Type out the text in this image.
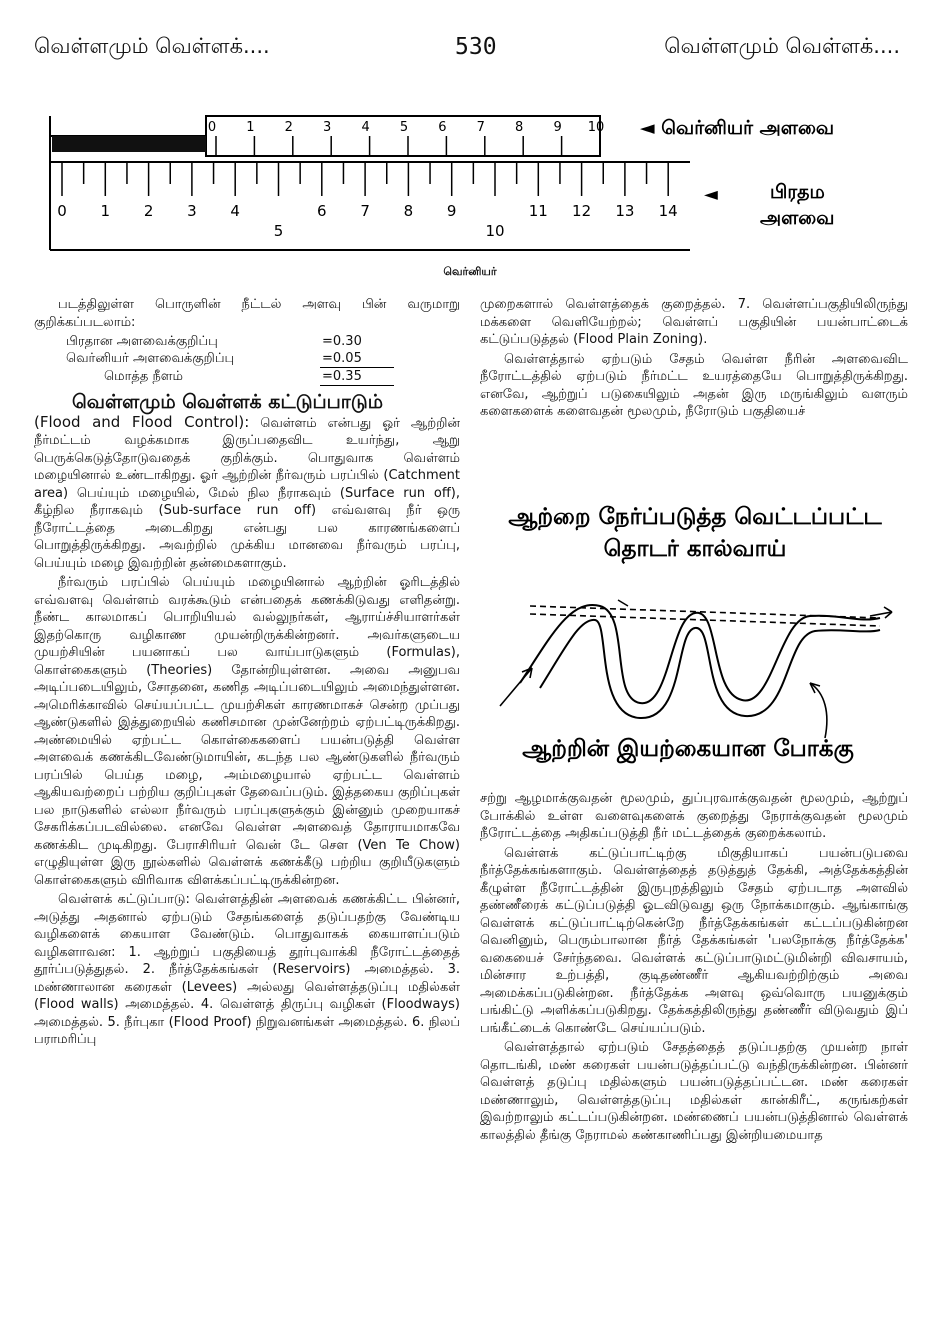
வெள்ளமும் வெள்ளக்....	530	வெள்ளமும் வெள்ளக்....
0 1 2 3 4 5 6 7 8 9 10
0 1 2 3 4
5
6 7 8 9
10
11 12 13 14
◄ வெர்னியர் அளவை
◄	பிரதம
அளவை
வெர்னியர்

படத்திலுள்ள பொருளின் நீட்டல் அளவு பின் வருமாறு குறிக்கப்படலாம்:

பிரதான அளவைக்குறிப்பு	=0.30
வெர்னியர் அளவைக்குறிப்பு	=0.05

மொத்த நீளம்	=0.35

வெள்ளமும் வெள்ளக் கட்டுப்பாடும்

(Flood and Flood Control): வெள்ளம் என்பது ஓர் ஆற்றின் நீர்மட்டம் வழக்கமாக இருப்பதைவிட உயர்ந்து, ஆறு பெருக்கெடுத்தோடுவதைக் குறிக்கும். பொதுவாக வெள்ளம் மழையினால் உண்டாகிறது. ஓர் ஆற்றின் நீர்வரும் பரப்பில் (Catchment area) பெய்யும் மழையில், மேல் நில நீராகவும் (Surface run off), கீழ்நில நீராகவும் (Sub-surface run off) எவ்வளவு நீர் ஒரு நீரோட்டத்தை அடைகிறது என்பது பல காரணங்களைப் பொறுத்திருக்கிறது. அவற்றில் முக்கிய மானவை நீர்வரும் பரப்பு, பெய்யும் மழை இவற்றின் தன்மைகளாகும்.

நீர்வரும் பரப்பில் பெய்யும் மழையினால் ஆற்றின் ஓரிடத்தில் எவ்வளவு வெள்ளம் வரக்கூடும் என்பதைக் கணக்கிடுவது எளிதன்று. நீண்ட காலமாகப் பொறியியல் வல்லுநர்கள், ஆராய்ச்சியாளர்கள் இதற்கொரு வழிகாண முயன்றிருக்கின்றனர். அவர்களுடைய முயற்சியின் பயனாகப் பல வாய்பாடுகளும் (Formulas), கொள்கைகளும் (Theories) தோன்றியுள்ளன. அவை அனுபவ அடிப்படையிலும், சோதனை, கணித அடிப்படையிலும் அமைந்துள்ளன. அமெரிக்காவில் செய்யப்பட்ட முயற்சிகள் காரணமாகச் சென்ற முப்பது ஆண்டுகளில் இத்துறையில் கணிசமான முன்னேற்றம் ஏற்பட்டிருக்கிறது. அண்மையில் ஏற்பட்ட கொள்கைகளைப் பயன்படுத்தி வெள்ள அளவைக் கணக்கிடவேண்டுமாயின், கடந்த பல ஆண்டுகளில் நீர்வரும் பரப்பில் பெய்த மழை, அம்மழையால் ஏற்பட்ட வெள்ளம் ஆகியவற்றைப் பற்றிய குறிப்புகள் தேவைப்படும். இத்தகைய குறிப்புகள் பல நாடுகளில் எல்லா நீர்வரும் பரப்புகளுக்கும் இன்னும் முறையாகச் சேகரிக்கப்படவில்லை. எனவே வெள்ள அளவைத் தோராயமாகவே கணக்கிட முடிகிறது. பேராசிரியர் வென் டே சௌ (Ven Te Chow) எழுதியுள்ள இரு நூல்களில் வெள்ளக் கணக்கீடு பற்றிய குறியீடுகளும் கொள்கைகளும் விரிவாக விளக்கப்பட்டிருக்கின்றன.

வெள்ளக் கட்டுப்பாடு: வெள்ளத்தின் அளவைக் கணக்கிட்ட பின்னர், அடுத்து அதனால் ஏற்படும் சேதங்களைத் தடுப்பதற்கு வேண்டிய வழிகளைக் கையாள வேண்டும். பொதுவாகக் கையாளப்படும் வழிகளாவன: 1. ஆற்றுப் பகுதியைத் தூர்புவாக்கி நீரோட்டத்தைத் தூர்ப்படுத்துதல். 2. நீர்த்தேக்கங்கள் (Reservoirs) அமைத்தல். 3. மண்ணாலான கரைகள் (Levees) அல்லது வெள்ளத்தடுப்பு மதில்கள் (Flood walls) அமைத்தல். 4. வெள்ளத் திருப்பு வழிகள் (Floodways) அமைத்தல். 5. நீர்புகா (Flood Proof) நிறுவனங்கள் அமைத்தல். 6. நிலப் பராமரிப்பு

முறைகளால் வெள்ளத்தைக் குறைத்தல். 7. வெள்ளப்பகுதியிலிருந்து மக்களை வெளியேற்றல்; வெள்ளப் பகுதியின் பயன்பாட்டைக் கட்டுப்படுத்தல் (Flood Plain Zoning).

வெள்ளத்தால் ஏற்படும் சேதம் வெள்ள நீரின் அளவைவிட நீரோட்டத்தில் ஏற்படும் நீர்மட்ட உயரத்தையே பொறுத்திருக்கிறது. எனவே, ஆற்றுப் படுகையிலும் அதன் இரு மருங்கிலும் வளரும் களைகளைக் களைவதன் மூலமும், நீரோடும் பகுதியைச்

ஆற்றை நேர்ப்படுத்த வெட்டப்பட்ட
தொடர் கால்வாய்
ஆற்றின் இயற்கையான போக்கு

சற்று ஆழமாக்குவதன் மூலமும், துப்புரவாக்குவதன் மூலமும், ஆற்றுப் போக்கில் உள்ள வளைவுகளைக் குறைத்து நேராக்குவதன் மூலமும் நீரோட்டத்தை அதிகப்படுத்தி நீர் மட்டத்தைக் குறைக்கலாம்.

வெள்ளக் கட்டுப்பாட்டிற்கு மிகுதியாகப் பயன்படுபவை நீர்த்தேக்கங்களாகும். வெள்ளத்தைத் தடுத்துத் தேக்கி, அத்தேக்கத்தின் கீழுள்ள நீரோட்டத்தின் இருபுறத்திலும் சேதம் ஏற்படாத அளவில் தண்ணீரைக் கட்டுப்படுத்தி ஓடவிடுவது ஒரு நோக்கமாகும். ஆங்காங்கு வெள்ளக் கட்டுப்பாட்டிற்கென்றே நீர்த்தேக்கங்கள் கட்டப்படுகின்றன வெனினும், பெரும்பாலான நீர்த் தேக்கங்கள் 'பலநோக்கு நீர்த்தேக்க' வகையைச் சேர்ந்தவை. வெள்ளக் கட்டுப்பாடுமட்டுமின்றி விவசாயம், மின்சார உற்பத்தி, குடிதண்ணீர் ஆகியவற்றிற்கும் அவை அமைக்கப்படுகின்றன. நீர்த்தேக்க அளவு ஒவ்வொரு பயனுக்கும் பங்கிட்டு அளிக்கப்படுகிறது. தேக்கத்திலிருந்து தண்ணீர் விடுவதும் இப் பங்கீட்டைக் கொண்டே செய்யப்படும்.

வெள்ளத்தால் ஏற்படும் சேதத்தைத் தடுப்பதற்கு முயன்ற நாள் தொடங்கி, மண் கரைகள் பயன்படுத்தப்பட்டு வந்திருக்கின்றன. பின்னர் வெள்ளத் தடுப்பு மதில்களும் பயன்படுத்தப்பட்டன. மண் கரைகள் மண்ணாலும், வெள்ளத்தடுப்பு மதில்கள் கான்கிரீட், கருங்கற்கள் இவற்றாலும் கட்டப்படுகின்றன. மண்ணைப் பயன்படுத்தினால் வெள்ளக் காலத்தில் தீங்கு நேராமல் கண்காணிப்பது இன்றியமையாத
